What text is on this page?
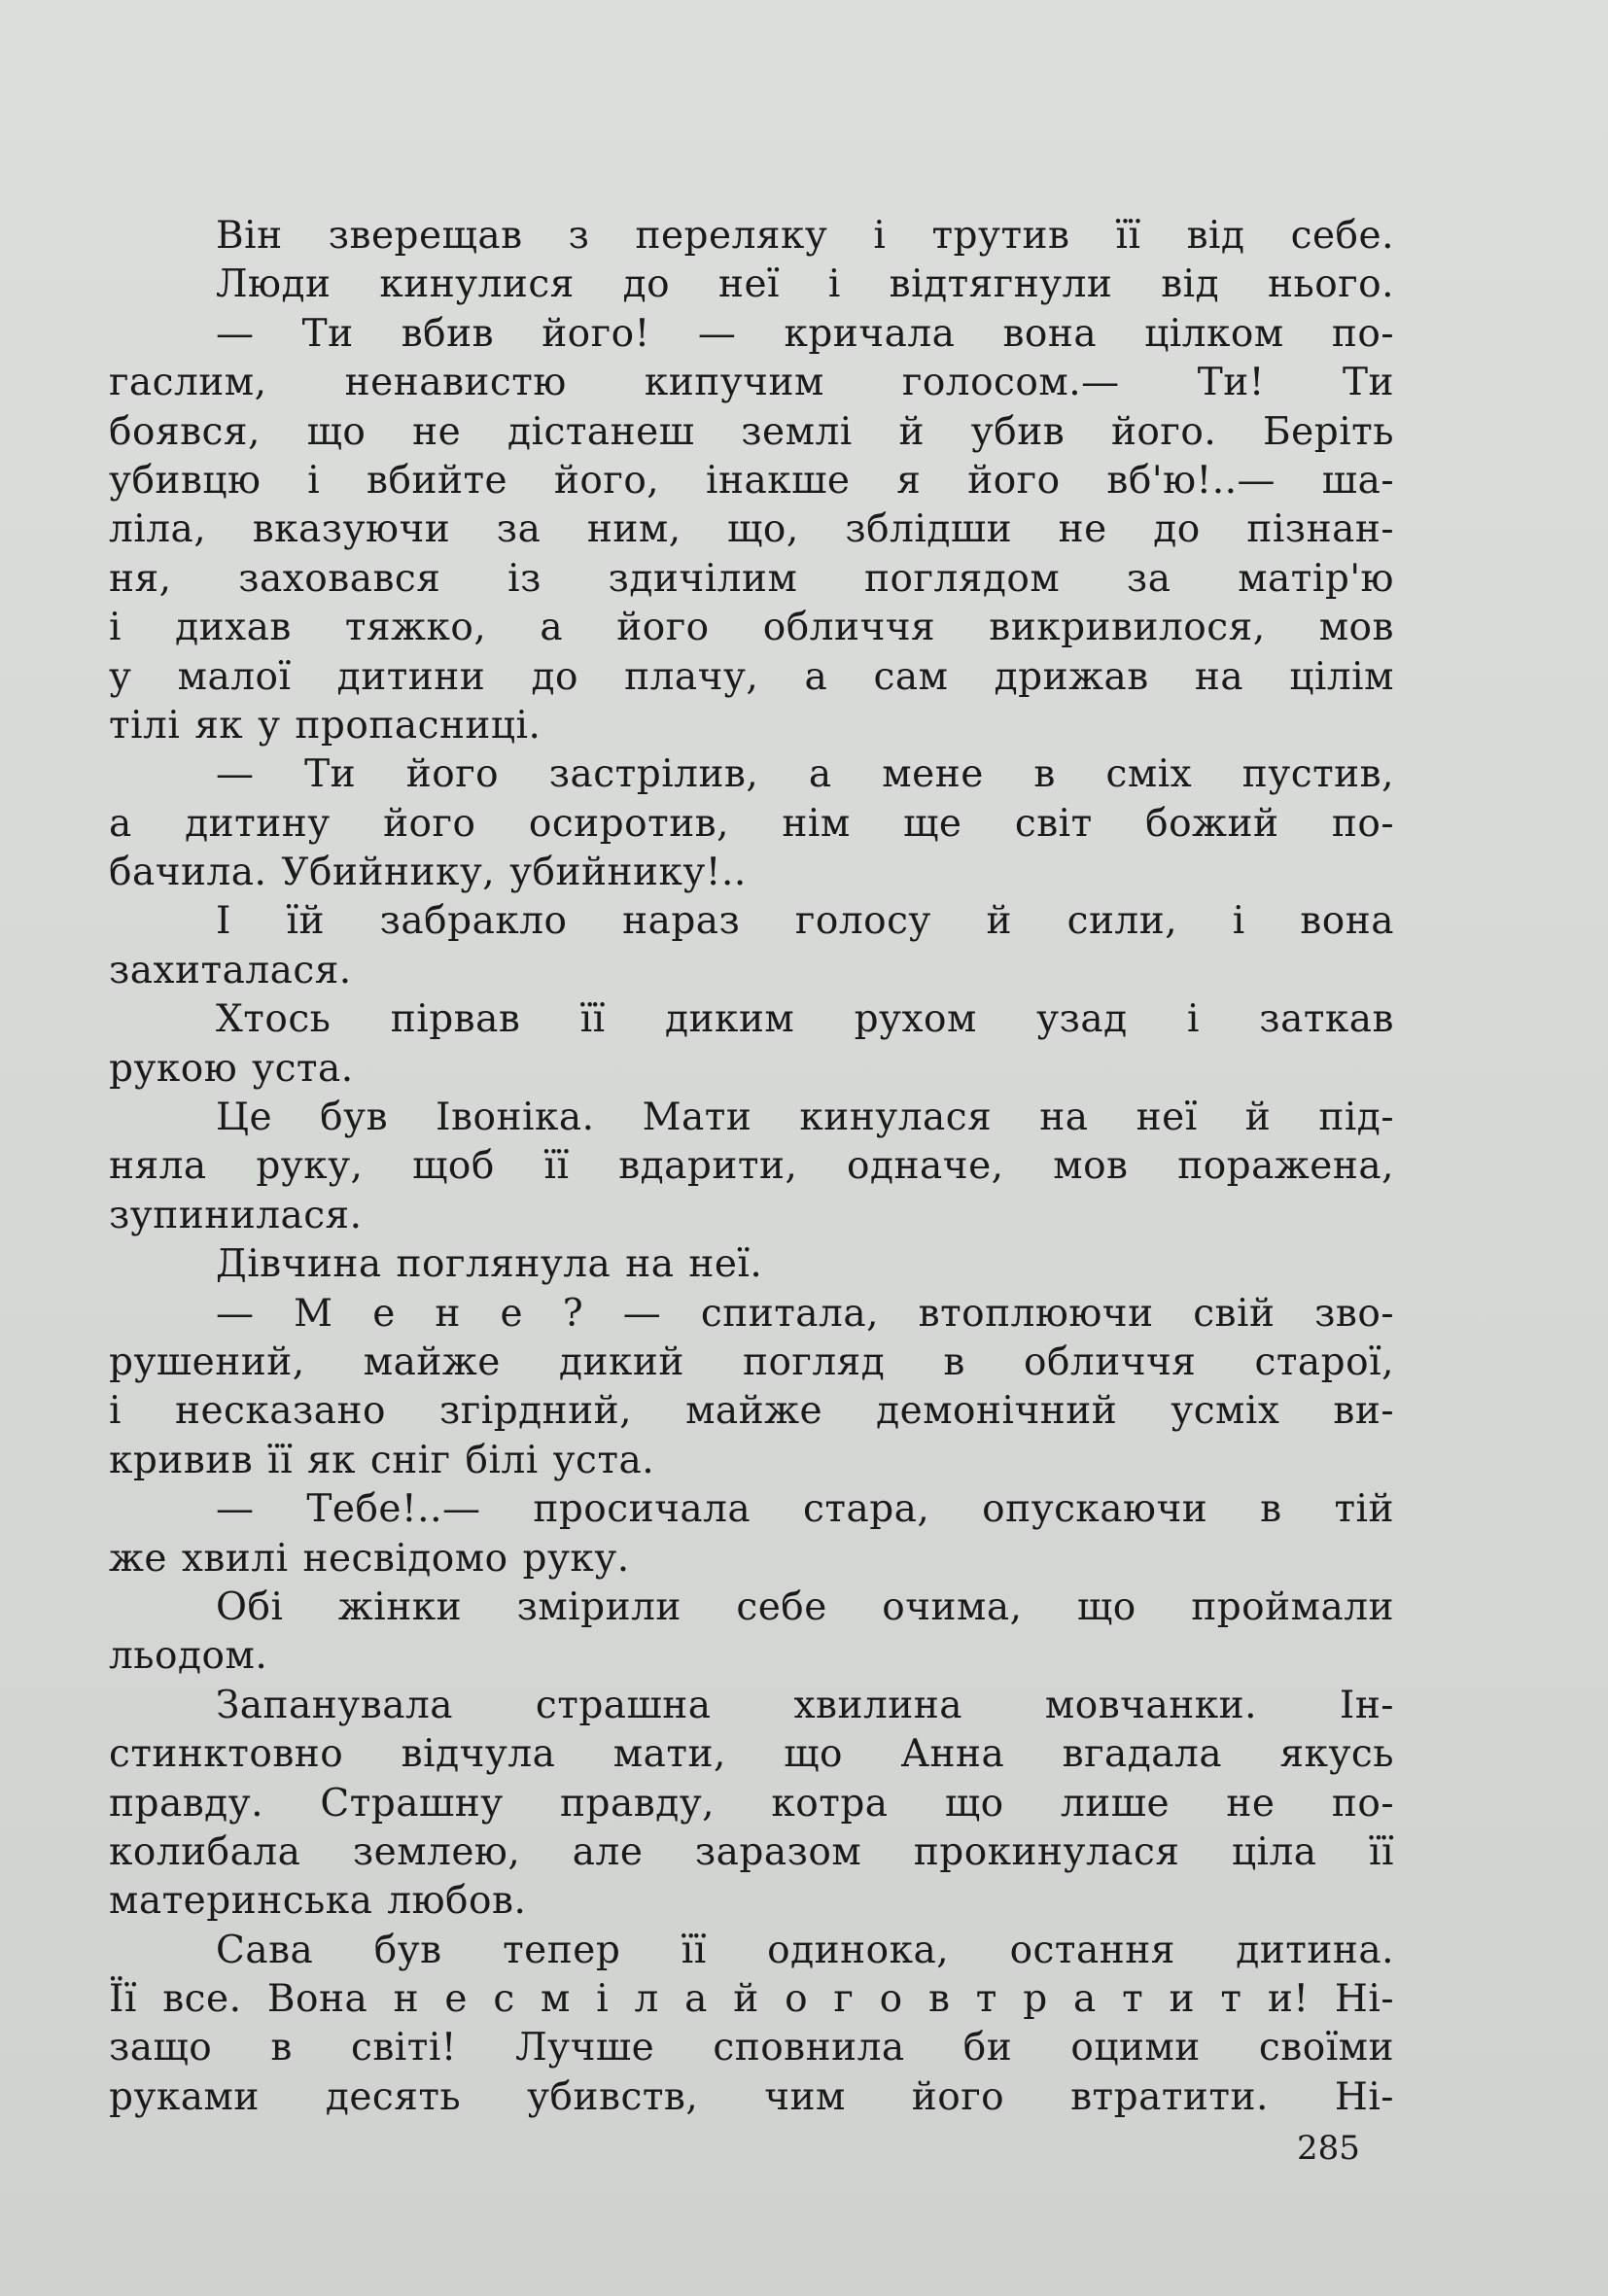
Він зверещав з переляку і трутив її від себе.
Люди кинулися до неї і відтягнули від нього.
— Ти вбив його! — кричала вона цілком по-
гаслим, ненавистю кипучим голосом.— Ти! Ти
боявся, що не дістанеш землі й убив його. Беріть
убивцю і вбийте його, інакше я його вб'ю!..— ша-
ліла, вказуючи за ним, що, зблідши не до пізнан-
ня, заховався із здичілим поглядом за матір'ю
і дихав тяжко, а його обличчя викривилося, мов
у малої дитини до плачу, а сам дрижав на цілім
тілі як у пропасниці.
— Ти його застрілив, а мене в сміх пустив,
а дитину його осиротив, нім ще світ божий по-
бачила. Убийнику, убийнику!..
І їй забракло нараз голосу й сили, і вона
захиталася.
Хтось пірвав її диким рухом узад і заткав
рукою уста.
Це був Івоніка. Мати кинулася на неї й під-
няла руку, щоб її вдарити, одначе, мов поражена,
зупинилася.
Дівчина поглянула на неї.
— М е н е ? — спитала, втоплюючи свій зво-
рушений, майже дикий погляд в обличчя старої,
і несказано згірдний, майже демонічний усміх ви-
кривив її як сніг білі уста.
— Тебе!..— просичала стара, опускаючи в тій
же хвилі несвідомо руку.
Обі жінки змірили себе очима, що проймали
льодом.
Запанувала страшна хвилина мовчанки. Ін-
стинктовно відчула мати, що Анна вгадала якусь
правду. Страшну правду, котра що лише не по-
колибала землею, але заразом прокинулася ціла її
материнська любов.
Сава був тепер її одинока, остання дитина.
Її все. Вона н е с м і л а й о г о в т р а т и т и! Ні-
защо в світі! Лучше сповнила би оцими своїми
руками десять убивств, чим його втратити. Ні-
285
